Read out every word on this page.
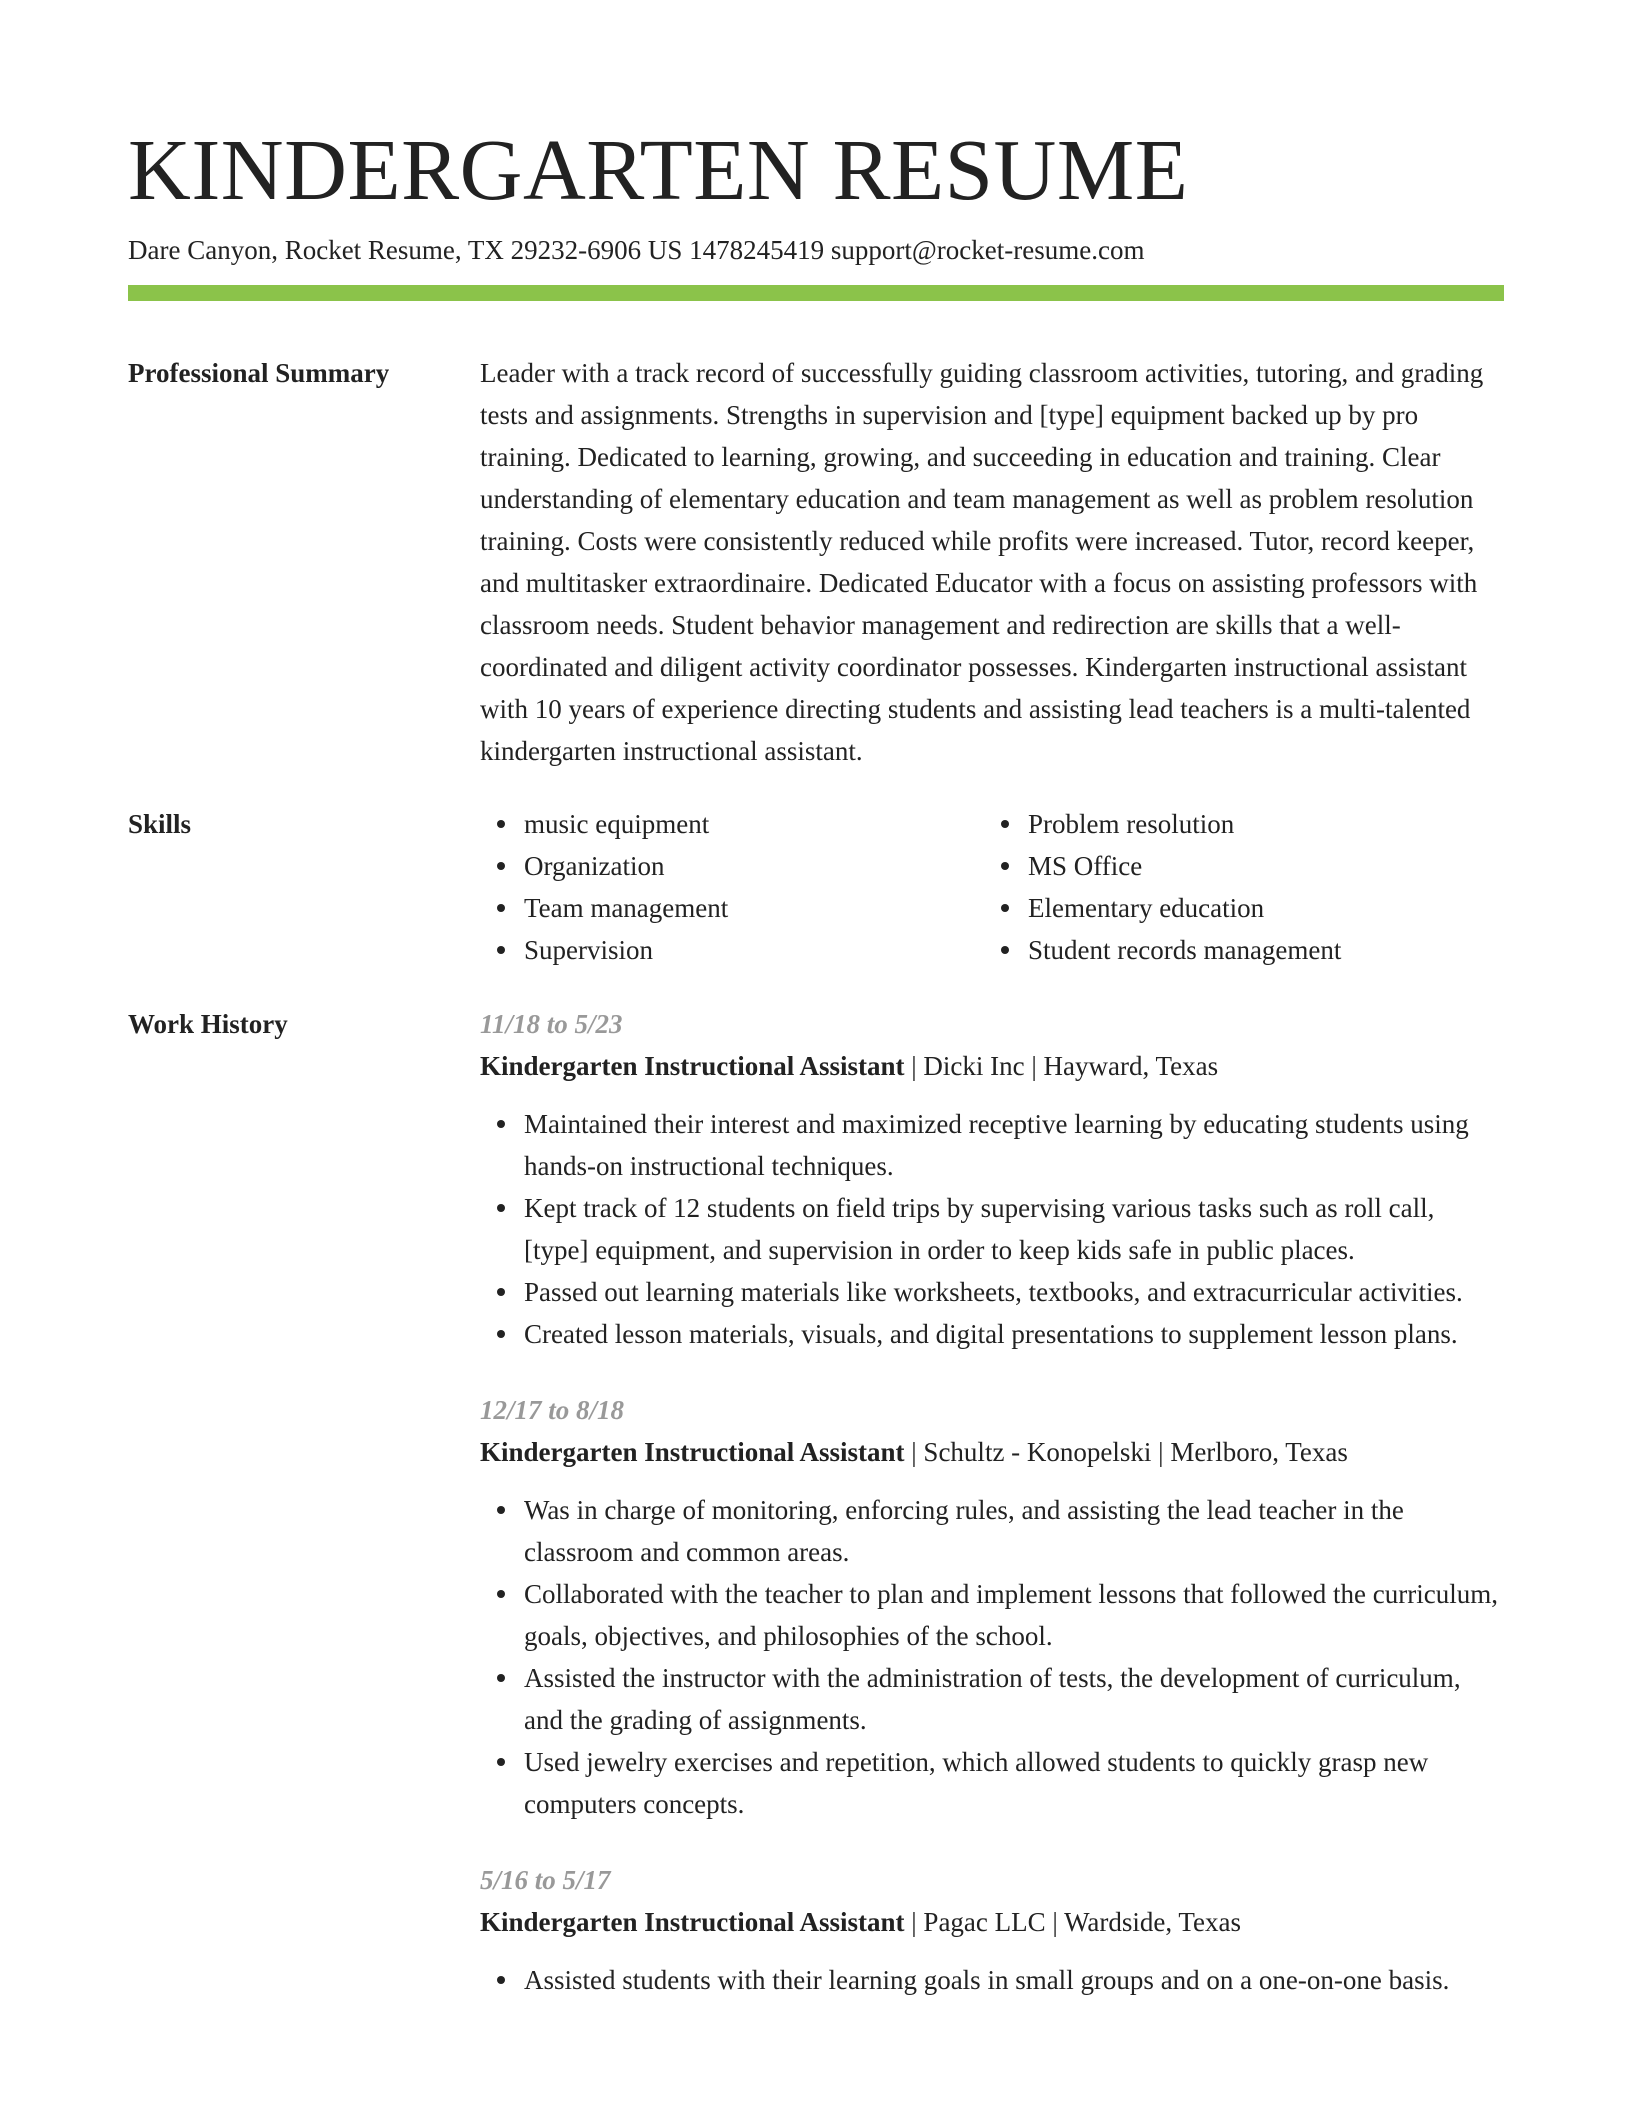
KINDERGARTEN RESUME
Dare Canyon, Rocket Resume, TX 29232-6906 US 1478245419 support@rocket-resume.com
Professional Summary	Leader with a track record of successfully guiding classroom activities, tutoring, and grading tests and assignments. Strengths in supervision and [type] equipment backed up by pro training. Dedicated to learning, growing, and succeeding in education and training. Clear understanding of elementary education and team management as well as problem resolution training. Costs were consistently reduced while profits were increased. Tutor, record keeper, and multitasker extraordinaire. Dedicated Educator with a focus on assisting professors with classroom needs. Student behavior management and redirection are skills that a well-coordinated and diligent activity coordinator possesses. Kindergarten instructional assistant with 10 years of experience directing students and assisting lead teachers is a multi-talented kindergarten instructional assistant.

Skills	music equipment
Organization
Team management
Supervision
Problem resolution
MS Office
Elementary education
Student records management
Work History	11/18 to 5/23
Kindergarten Instructional Assistant | Dicki Inc | Hayward, Texas
Maintained their interest and maximized receptive learning by educating students using hands-on instructional techniques.
Kept track of 12 students on field trips by supervising various tasks such as roll call, [type] equipment, and supervision in order to keep kids safe in public places.
Passed out learning materials like worksheets, textbooks, and extracurricular activities.
Created lesson materials, visuals, and digital presentations to supplement lesson plans.
12/17 to 8/18
Kindergarten Instructional Assistant | Schultz - Konopelski | Merlboro, Texas
Was in charge of monitoring, enforcing rules, and assisting the lead teacher in the classroom and common areas.
Collaborated with the teacher to plan and implement lessons that followed the curriculum, goals, objectives, and philosophies of the school.
Assisted the instructor with the administration of tests, the development of curriculum, and the grading of assignments.
Used jewelry exercises and repetition, which allowed students to quickly grasp new computers concepts.
5/16 to 5/17
Kindergarten Instructional Assistant | Pagac LLC | Wardside, Texas
Assisted students with their learning goals in small groups and on a one-on-one basis.
